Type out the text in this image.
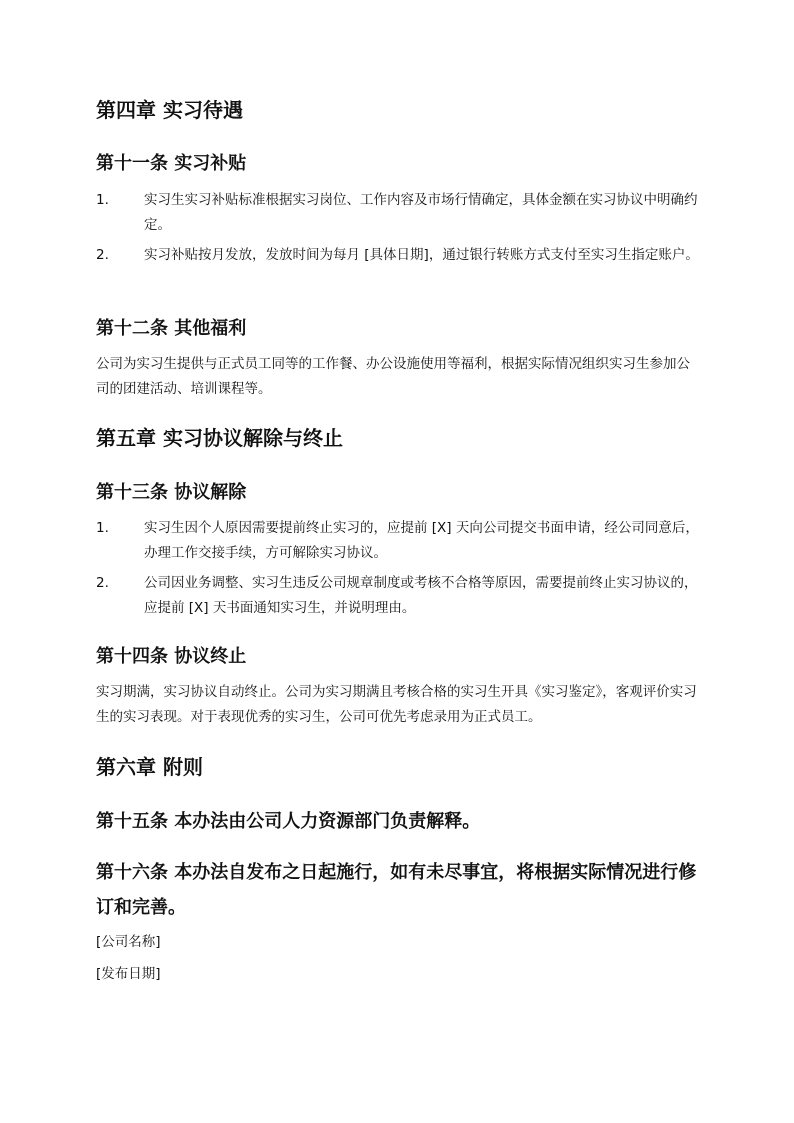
第四章 实习待遇
第十一条 实习补贴
1.	实习生实习补贴标准根据实习岗位、工作内容及市场行情确定，具体金额在实习协议中明确约定。
2.	实习补贴按月发放，发放时间为每月 [具体日期]，通过银行转账方式支付至实习生指定账户。
第十二条 其他福利

公司为实习生提供与正式员工同等的工作餐、办公设施使用等福利，根据实际情况组织实习生参加公司的团建活动、培训课程等。

第五章 实习协议解除与终止
第十三条 协议解除
1.	实习生因个人原因需要提前终止实习的，应提前 [X] 天向公司提交书面申请，经公司同意后，办理工作交接手续，方可解除实习协议。
2.	公司因业务调整、实习生违反公司规章制度或考核不合格等原因，需要提前终止实习协议的，应提前 [X] 天书面通知实习生，并说明理由。
第十四条 协议终止

实习期满，实习协议自动终止。公司为实习期满且考核合格的实习生开具《实习鉴定》，客观评价实习生的实习表现。对于表现优秀的实习生，公司可优先考虑录用为正式员工。

第六章 附则
第十五条 本办法由公司人力资源部门负责解释。
第十六条 本办法自发布之日起施行，如有未尽事宜，将根据实际情况进行修订和完善。
[公司名称]
[发布日期]
